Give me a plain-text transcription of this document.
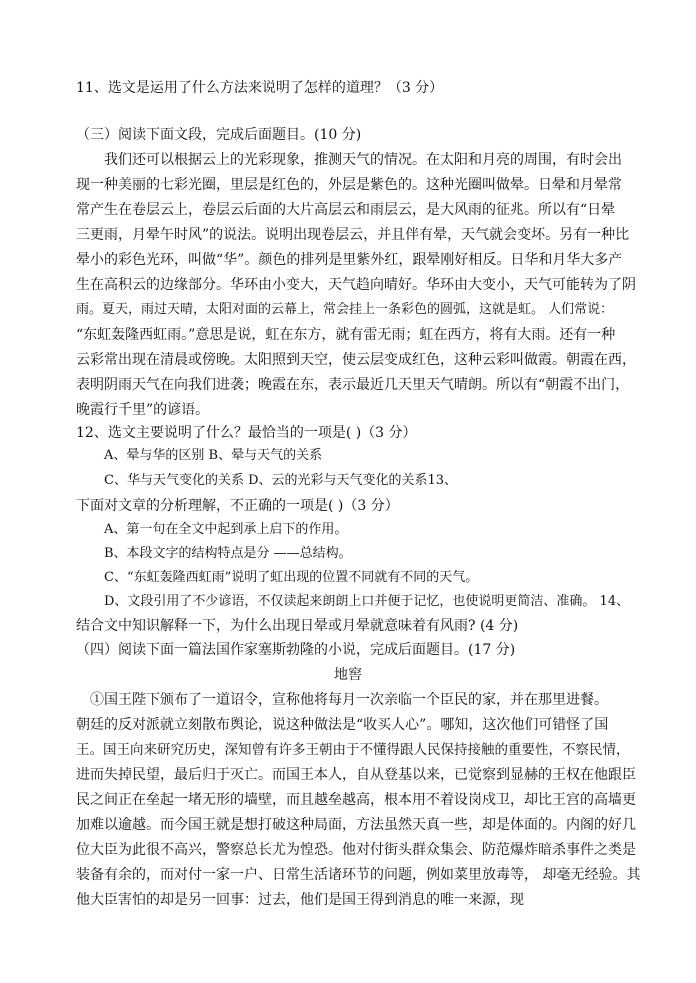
11、选文是运用了什么方法来说明了怎样的道理？（3 分）
（三）阅读下面文段，完成后面题目。(10 分)
我们还可以根据云上的光彩现象，推测天气的情况。在太阳和月亮的周围，有时会出
现一种美丽的七彩光圈，里层是红色的，外层是紫色的。这种光圈叫做晕。日晕和月晕常
常产生在卷层云上，卷层云后面的大片高层云和雨层云，是大风雨的征兆。所以有“日晕
三更雨，月晕午时风”的说法。说明出现卷层云，并且伴有晕，天气就会变坏。另有一种比
晕小的彩色光环，叫做“华”。颜色的排列是里紫外红，跟晕刚好相反。日华和月华大多产
生在高积云的边缘部分。华环由小变大，天气趋向晴好。华环由大变小，天气可能转为了阴
雨。夏天，雨过天晴，太阳对面的云幕上，常会挂上一条彩色的圆弧，这就是虹。 人们常说：
“东虹轰隆西虹雨。”意思是说，虹在东方，就有雷无雨；虹在西方，将有大雨。还有一种
云彩常出现在清晨或傍晚。太阳照到天空，使云层变成红色，这种云彩叫做霞。朝霞在西，
表明阴雨天气在向我们进袭；晚霞在东，表示最近几天里天气晴朗。所以有“朝霞不出门，
晚霞行千里”的谚语。
12、选文主要说明了什么？最恰当的一项是( )（3 分）
A、晕与华的区别 B、晕与天气的关系
C、华与天气变化的关系 D、云的光彩与天气变化的关系13、
下面对文章的分析理解，不正确的一项是( )（3 分）
A、第一句在全文中起到承上启下的作用。
B、本段文字的结构特点是分 ——总结构。
C、“东虹轰隆西虹雨”说明了虹出现的位置不同就有不同的天气。
D、文段引用了不少谚语，不仅读起来朗朗上口并便于记忆，也使说明更简洁、准确。 14、
结合文中知识解释一下，为什么出现日晕或月晕就意味着有风雨? (4 分)
（四）阅读下面一篇法国作家塞斯勃隆的小说，完成后面题目。(17 分)
地窖
①国王陛下颁布了一道诏令，宣称他将每月一次亲临一个臣民的家，并在那里进餐。
朝廷的反对派就立刻散布舆论，说这种做法是“收买人心”。哪知，这次他们可错怪了国
王。国王向来研究历史，深知曾有许多王朝由于不懂得跟人民保持接触的重要性，不察民情，
进而失掉民望，最后归于灭亡。而国王本人，自从登基以来，已觉察到显赫的王权在他跟臣
民之间正在垒起一堵无形的墙壁，而且越垒越高，根本用不着设岗戍卫，却比王宫的高墙更
加难以逾越。而今国王就是想打破这种局面，方法虽然天真一些，却是体面的。内阁的好几
位大臣为此很不高兴，警察总长尤为惶恐。他对付街头群众集会、防范爆炸暗杀事件之类是
装备有余的，而对付一家一户、日常生活诸环节的问题，例如菜里放毒等， 却毫无经验。其
他大臣害怕的却是另一回事：过去，他们是国王得到消息的唯一来源，现
